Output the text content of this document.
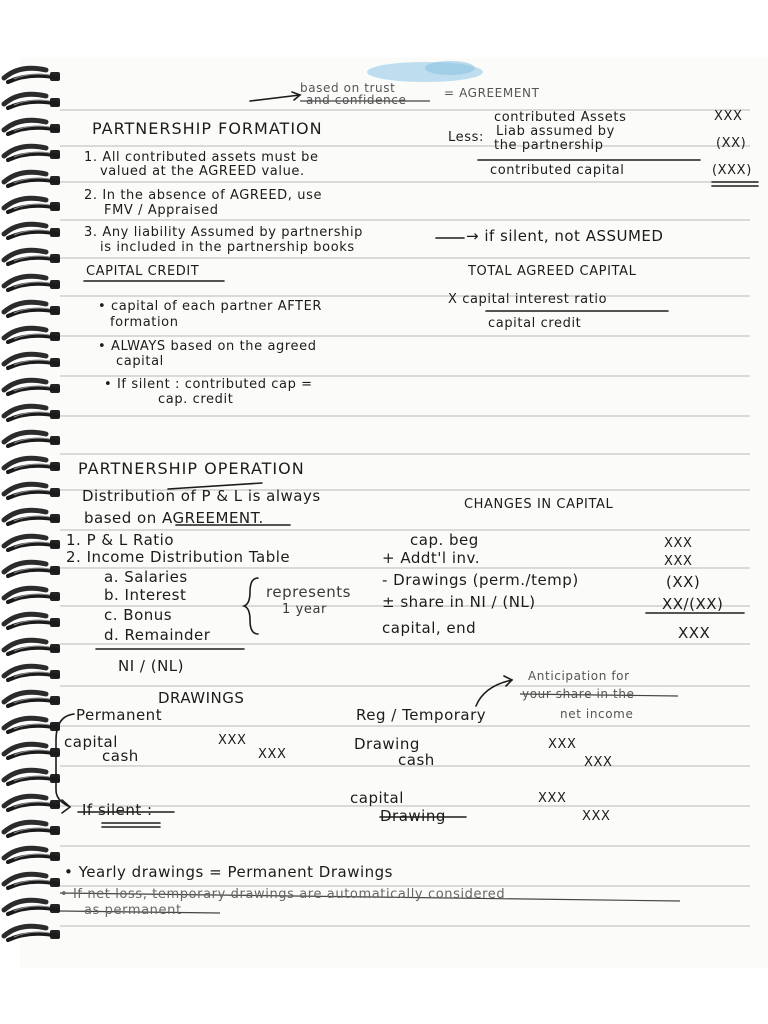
based on trust
and confidence	= AGREEMENT
PARTNERSHIP FORMATION
1. All contributed assets must be
valued at the AGREED value.
2. In the absence of AGREED, use
FMV / Appraised
3. Any liability Assumed by partnership
is included in the partnership books
→ if silent, not ASSUMED
contributed Assets	XXX
Less: Liab assumed by
the partnership	(XX)
contributed capital	(XXX)
CAPITAL CREDIT
• capital of each partner AFTER
formation
• ALWAYS based on the agreed
capital
• If silent : contributed cap =
cap. credit
TOTAL AGREED CAPITAL
X capital interest ratio
capital credit
PARTNERSHIP OPERATION
Distribution of P & L is always
based on AGREEMENT.
1. P & L Ratio
2. Income Distribution Table
a. Salaries
b. Interest
c. Bonus
d. Remainder
represents
1 year
NI / (NL)
CHANGES IN CAPITAL
cap. beg	XXX
+ Addt'l inv.	XXX
- Drawings (perm./temp)	(XX)
± share in NI / (NL)	XX/(XX)
capital, end	XXX
DRAWINGS
Permanent	Reg / Temporary
Anticipation for
your share in the
net income
capital	XXX
cash	XXX
Drawing	XXX
cash	XXX
If silent :
capital	XXX
Drawing	XXX
• Yearly drawings = Permanent Drawings
• If net loss, temporary drawings are automatically considered
as permanent
